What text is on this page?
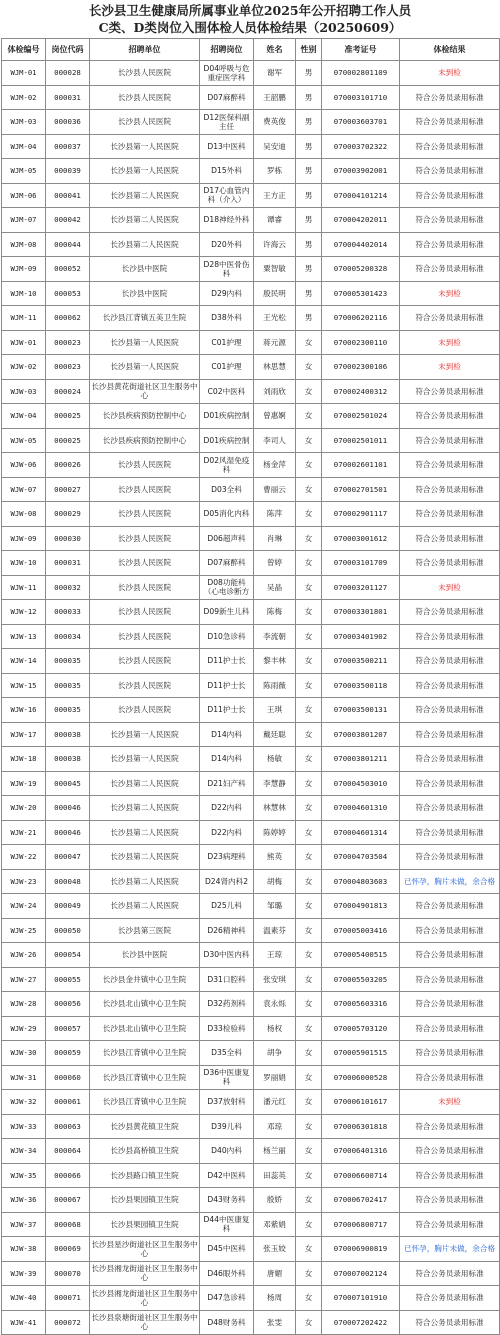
长沙县卫生健康局所属事业单位2025年公开招聘工作人员
C类、D类岗位入围体检人员体检结果（20250609）
体检编号	岗位代码	招聘单位	招聘岗位	姓名	性别	准考证号	体检结果
WJM-01	000028	长沙县人民医院	D04呼吸与危重症医学科	谢军	男	070002801109	未到检
WJM-02	000031	长沙县人民医院	D07麻醉科	王韶鹏	男	070003101710	符合公务员录用标准
WJM-03	000036	长沙县人民医院	D12医保科副主任	费英俊	男	070003603701	符合公务员录用标准
WJM-04	000037	长沙县第一人民医院	D13中医科	吴安迪	男	070003702322	符合公务员录用标准
WJM-05	000039	长沙县第一人民医院	D15外科	罗栋	男	070003902001	符合公务员录用标准
WJM-06	000041	长沙县第二人民医院	D17心血管内科（介入）	王方正	男	070004101214	符合公务员录用标准
WJM-07	000042	长沙县第二人民医院	D18神经外科	谭睿	男	070004202011	符合公务员录用标准
WJM-08	000044	长沙县第二人民医院	D20外科	许海云	男	070004402014	符合公务员录用标准
WJM-09	000052	长沙县中医院	D28中医骨伤科	粟智敏	男	070005200328	符合公务员录用标准
WJM-10	000053	长沙县中医院	D29内科	殷民明	男	070005301423	未到检
WJM-11	000062	长沙县江背镇五美卫生院	D38外科	王光松	男	070006202116	符合公务员录用标准
WJW-01	000023	长沙县第一人民医院	C01护理	蒋元源	女	070002300110	未到检
WJW-02	000023	长沙县第一人民医院	C01护理	林思慧	女	070002300106	未到检
WJW-03	000024	长沙县黄花街道社区卫生服务中心	C02中医科	刘雨欣	女	070002400312	符合公务员录用标准
WJW-04	000025	长沙县疾病预防控制中心	D01疾病控制	曾惠婀	女	070002501024	符合公务员录用标准
WJW-05	000025	长沙县疾病预防控制中心	D01疾病控制	李司人	女	070002501011	符合公务员录用标准
WJW-06	000026	长沙县人民医院	D02风湿免疫科	杨金萍	女	070002601101	符合公务员录用标准
WJW-07	000027	长沙县人民医院	D03全科	曹丽云	女	070002701501	符合公务员录用标准
WJW-08	000029	长沙县人民医院	D05消化内科	陈萍	女	070002901117	符合公务员录用标准
WJW-09	000030	长沙县人民医院	D06超声科	肖琳	女	070003001612	符合公务员录用标准
WJW-10	000031	长沙县人民医院	D07麻醉科	曾婷	女	070003101709	符合公务员录用标准
WJW-11	000032	长沙县人民医院	D08功能科（心电诊断方	吴晶	女	070003201127	未到检
WJW-12	000033	长沙县人民医院	D09新生儿科	陈梅	女	070003301801	符合公务员录用标准
WJW-13	000034	长沙县人民医院	D10急诊科	李流朝	女	070003401902	符合公务员录用标准
WJW-14	000035	长沙县人民医院	D11护士长	黎丰林	女	070003500211	符合公务员录用标准
WJW-15	000035	长沙县人民医院	D11护士长	陈雨薇	女	070003500118	符合公务员录用标准
WJW-16	000035	长沙县人民医院	D11护士长	王琪	女	070003500131	符合公务员录用标准
WJW-17	000038	长沙县第一人民医院	D14内科	戴廷聪	女	070003801207	符合公务员录用标准
WJW-18	000038	长沙县第一人民医院	D14内科	杨敏	女	070003801211	符合公务员录用标准
WJW-19	000045	长沙县第二人民医院	D21妇产科	李慧静	女	070004503010	符合公务员录用标准
WJW-20	000046	长沙县第二人民医院	D22内科	林慧林	女	070004601310	符合公务员录用标准
WJW-21	000046	长沙县第二人民医院	D22内科	陈婷婷	女	070004601314	符合公务员录用标准
WJW-22	000047	长沙县第二人民医院	D23病理科	熊英	女	070004703504	符合公务员录用标准
WJW-23	000048	长沙县第二人民医院	D24肾内科2	胡梅	女	070004803603	已怀孕，胸片未做，余合格
WJW-24	000049	长沙县第二人民医院	D25儿科	邹璐	女	070004901813	符合公务员录用标准
WJW-25	000050	长沙县第三医院	D26精神科	温素芬	女	070005003416	符合公务员录用标准
WJW-26	000054	长沙县中医院	D30中医内科	王琼	女	070005400515	符合公务员录用标准
WJW-27	000055	长沙县金井镇中心卫生院	D31口腔科	张安琪	女	070005503205	符合公务员录用标准
WJW-28	000056	长沙县北山镇中心卫生院	D32药剂科	袁永烁	女	070005603316	符合公务员录用标准
WJW-29	000057	长沙县北山镇中心卫生院	D33检验科	杨权	女	070005703120	符合公务员录用标准
WJW-30	000059	长沙县江背镇中心卫生院	D35全科	胡争	女	070005901515	符合公务员录用标准
WJW-31	000060	长沙县江背镇中心卫生院	D36中医康复科	罗丽娟	女	070006000528	符合公务员录用标准
WJW-32	000061	长沙县江背镇中心卫生院	D37放射科	潘元红	女	070006101617	未到检
WJW-33	000063	长沙县黄花镇卫生院	D39儿科	邓琼	女	070006301818	符合公务员录用标准
WJW-34	000064	长沙县高桥镇卫生院	D40内科	杨兰丽	女	070006401316	符合公务员录用标准
WJW-35	000066	长沙县路口镇卫生院	D42中医科	田蕊英	女	070006600714	符合公务员录用标准
WJW-36	000067	长沙县果园镇卫生院	D43财务科	殷娇	女	070006702417	符合公务员录用标准
WJW-37	000068	长沙县果园镇卫生院	D44中医康复科	邓紫娟	女	070006800717	符合公务员录用标准
WJW-38	000069	长沙县星沙街道社区卫生服务中心	D45中医科	张玉姣	女	070006900819	已怀孕，胸片未做，余合格
WJW-39	000070	长沙县湘龙街道社区卫生服务中心	D46眼外科	唐媚	女	070007002124	符合公务员录用标准
WJW-40	000071	长沙县湘龙街道社区卫生服务中心	D47急诊科	杨周	女	070007101910	符合公务员录用标准
WJW-41	000072	长沙县泉塘街道社区卫生服务中心	D48财务科	张雯	女	070007202422	符合公务员录用标准
